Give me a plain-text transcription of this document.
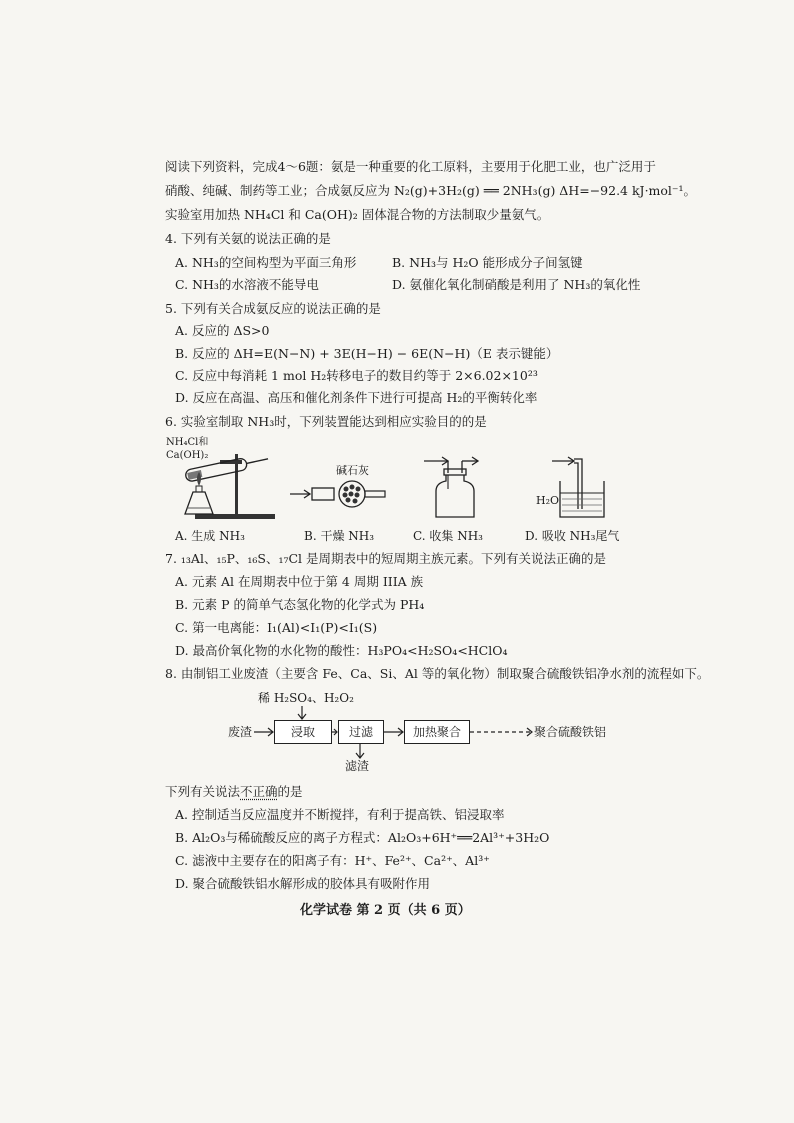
阅读下列资料，完成4～6题：氨是一种重要的化工原料，主要用于化肥工业，也广泛用于
硝酸、纯碱、制药等工业；合成氨反应为 N₂(g)+3H₂(g) ══ 2NH₃(g) ΔH=−92.4 kJ·mol⁻¹。
实验室用加热 NH₄Cl 和 Ca(OH)₂ 固体混合物的方法制取少量氨气。
4. 下列有关氨的说法正确的是
A. NH₃的空间构型为平面三角形	B. NH₃与 H₂O 能形成分子间氢键
C. NH₃的水溶液不能导电	D. 氨催化氧化制硝酸是利用了 NH₃的氧化性
5. 下列有关合成氨反应的说法正确的是
A. 反应的 ΔS>0
B. 反应的 ΔH=E(N−N) + 3E(H−H) − 6E(N−H)（E 表示键能）
C. 反应中每消耗 1 mol H₂转移电子的数目约等于 2×6.02×10²³
D. 反应在高温、高压和催化剂条件下进行可提高 H₂的平衡转化率
6. 实验室制取 NH₃时，下列装置能达到相应实验目的的是
NH₄Cl和
Ca(OH)₂
A. 生成 NH₃
碱石灰
B. 干燥 NH₃	C. 收集 NH₃
H₂O
D. 吸收 NH₃尾气
7. ₁₃Al、₁₅P、₁₆S、₁₇Cl 是周期表中的短周期主族元素。下列有关说法正确的是
A. 元素 Al 在周期表中位于第 4 周期 IIIA 族
B. 元素 P 的简单气态氢化物的化学式为 PH₄
C. 第一电离能：I₁(Al)<I₁(P)<I₁(S)
D. 最高价氧化物的水化物的酸性：H₃PO₄<H₂SO₄<HClO₄
8. 由制铝工业废渣（主要含 Fe、Ca、Si、Al 等的氧化物）制取聚合硫酸铁铝净水剂的流程如下。
稀 H₂SO₄、H₂O₂
废渣	浸取	过滤	加热聚合	聚合硫酸铁铝
滤渣
下列有关说法不正确的是
A. 控制适当反应温度并不断搅拌，有利于提高铁、铝浸取率
B. Al₂O₃与稀硫酸反应的离子方程式：Al₂O₃+6H⁺══2Al³⁺+3H₂O
C. 滤液中主要存在的阳离子有：H⁺、Fe²⁺、Ca²⁺、Al³⁺
D. 聚合硫酸铁铝水解形成的胶体具有吸附作用
化学试卷 第 2 页（共 6 页）
